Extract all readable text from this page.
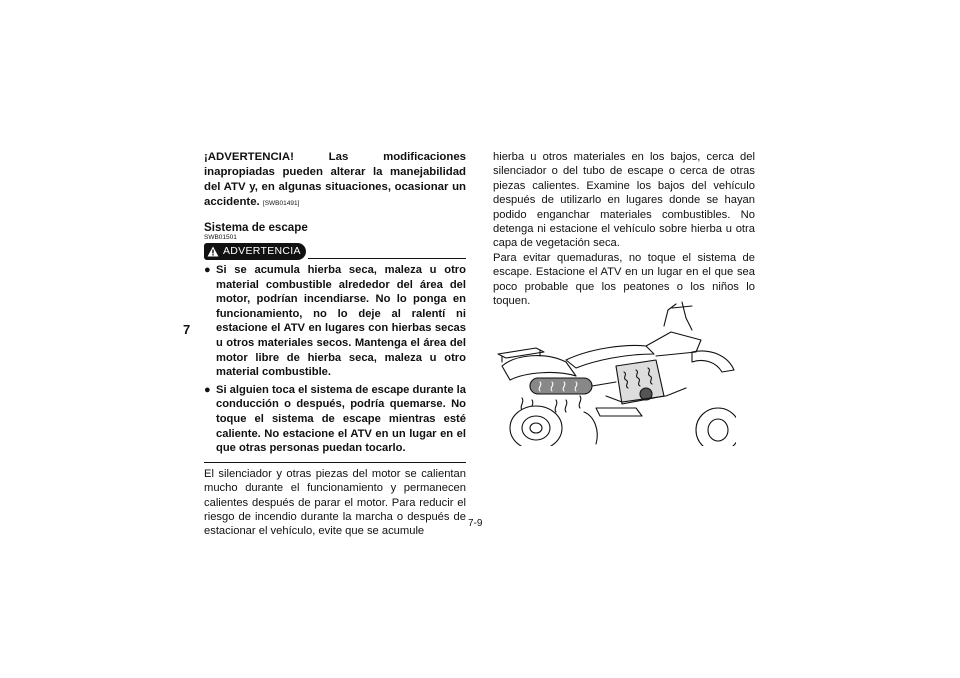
7
¡ADVERTENCIA! Las modificaciones inapropiadas pueden alterar la manejabilidad del ATV y, en algunas situaciones, ocasionar un accidente. [SWB01491]
Sistema de escape
SWB01501
ADVERTENCIA
● Si se acumula hierba seca, maleza u otro material combustible alrededor del área del motor, podrían incendiarse. No lo ponga en funcionamiento, no lo deje al ralentí ni estacione el ATV en lugares con hierbas secas u otros materiales secos. Mantenga el área del motor libre de hierba seca, maleza u otro material combustible.
● Si alguien toca el sistema de escape durante la conducción o después, podría quemarse. No toque el sistema de escape mientras esté caliente. No estacione el ATV en un lugar en el que otras personas puedan tocarlo.
El silenciador y otras piezas del motor se calientan mucho durante el funcionamiento y permanecen calientes después de parar el motor. Para reducir el riesgo de incendio durante la marcha o después de estacionar el vehículo, evite que se acumule

hierba u otros materiales en los bajos, cerca del silenciador o del tubo de escape o cerca de otras piezas calientes. Examine los bajos del vehículo después de utilizarlo en lugares donde se hayan podido enganchar materiales combustibles. No detenga ni estacione el vehículo sobre hierba u otra capa de vegetación seca.

Para evitar quemaduras, no toque el sistema de escape. Estacione el ATV en un lugar en el que sea poco probable que los peatones o los niños lo toquen.

7-9
